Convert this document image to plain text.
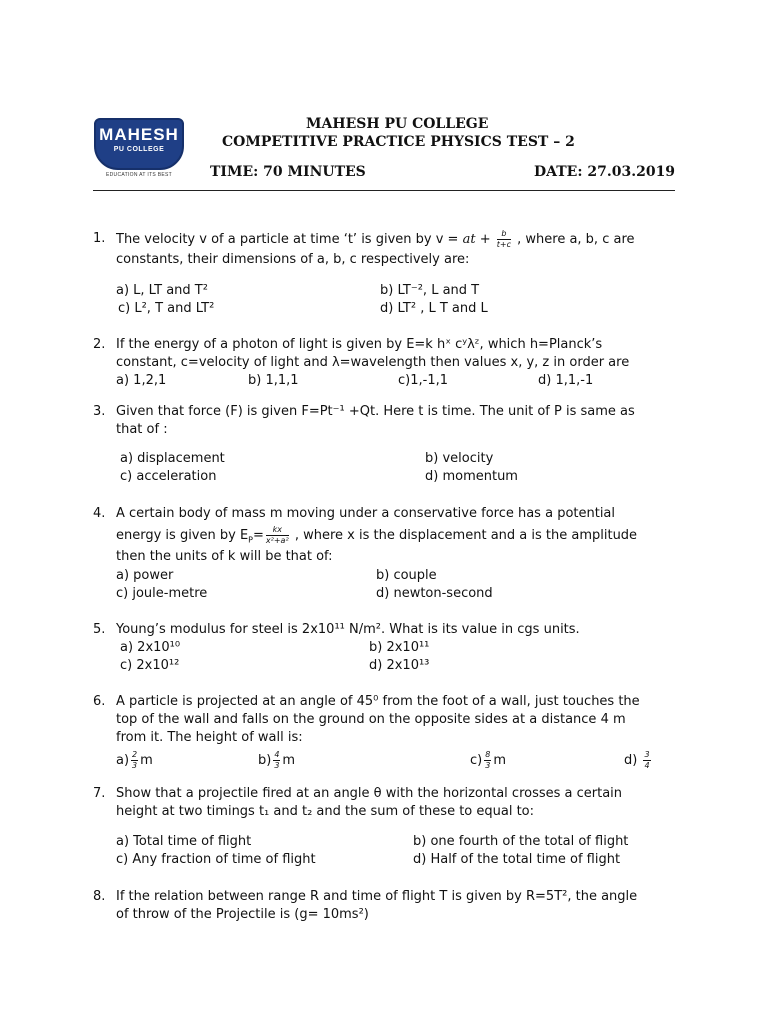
MAHESH
PU COLLEGE
EDUCATION AT ITS BEST
MAHESH PU COLLEGE
COMPETITIVE PRACTICE PHYSICS TEST – 2
TIME: 70 MINUTES	DATE: 27.03.2019
1. The velocity v of a particle at time ‘t’ is given by v = at + $\frac{b}{t+c}$ , where a, b, c are
constants, their dimensions of a, b, c respectively are:
a) L, LT and T²	b) LT⁻², L and T
c) L², T and LT²	d) LT² , L T and L
2. If the energy of a photon of light is given by E=k hˣ cʸλᶻ, which h=Planck’s
constant, c=velocity of light and λ=wavelength then values x, y, z in order are
a) 1,2,1	b) 1,1,1	c)1,-1,1	d) 1,1,-1
3. Given that force (F) is given F=Pt⁻¹ +Qt. Here t is time. The unit of P is same as
that of :
a) displacement	b) velocity
c) acceleration	d) momentum
4. A certain body of mass m moving under a conservative force has a potential
energy is given by $E_P= \frac{kx}{\text{x²+a²}}$ , where x is the displacement and a is the amplitude
then the units of k will be that of:
a) power	b) couple
c) joule-metre	d) newton-second
5. Young’s modulus for steel is 2x10¹¹ N/m². What is its value in cgs units.
a) 2x10¹⁰	b) 2x10¹¹
c) 2x10¹²	d) 2x10¹³
6. A particle is projected at an angle of 45⁰ from the foot of a wall, just touches the
top of the wall and falls on the ground on the opposite sides at a distance 4 m
from it. The height of wall is:
$a) \frac{2}{3}$ m	$b) \frac{4}{3}$ m	$c) \frac{8}{3}$ m	$d) \frac{3}{4}$
7. Show that a projectile fired at an angle θ with the horizontal crosses a certain
height at two timings t₁ and t₂ and the sum of these to equal to:
a) Total time of flight	b) one fourth of the total of flight
c) Any fraction of time of flight	d) Half of the total time of flight
8. If the relation between range R and time of flight T is given by R=5T², the angle
of throw of the Projectile is (g= 10ms²)
